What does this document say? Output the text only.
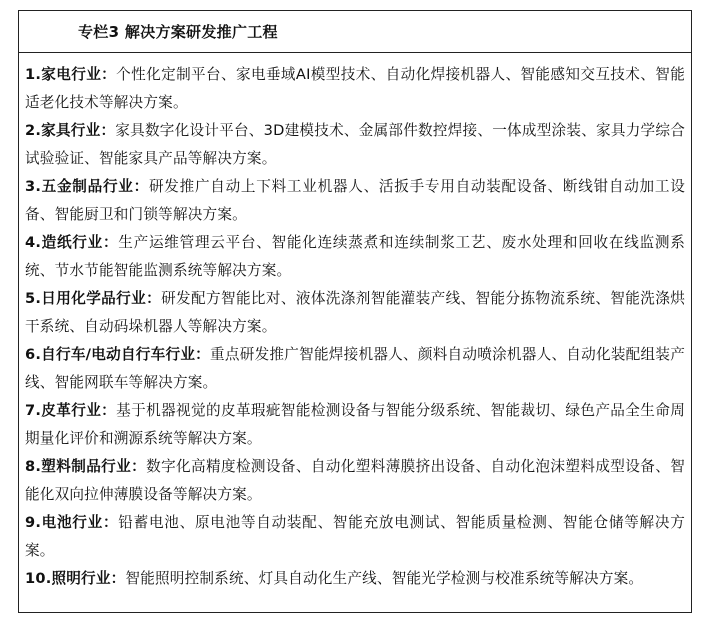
专栏3 解决方案研发推广工程

1.家电行业：个性化定制平台、家电垂域AI模型技术、自动化焊接机器人、智能感知交互技术、智能适老化技术等解决方案。

2.家具行业：家具数字化设计平台、3D建模技术、金属部件数控焊接、一体成型涂装、家具力学综合试验验证、智能家具产品等解决方案。

3.五金制品行业：研发推广自动上下料工业机器人、活扳手专用自动装配设备、断线钳自动加工设备、智能厨卫和门锁等解决方案。

4.造纸行业：生产运维管理云平台、智能化连续蒸煮和连续制浆工艺、废水处理和回收在线监测系统、节水节能智能监测系统等解决方案。

5.日用化学品行业：研发配方智能比对、液体洗涤剂智能灌装产线、智能分拣物流系统、智能洗涤烘干系统、自动码垛机器人等解决方案。

6.自行车/电动自行车行业：重点研发推广智能焊接机器人、颜料自动喷涂机器人、自动化装配组装产线、智能网联车等解决方案。

7.皮革行业：基于机器视觉的皮革瑕疵智能检测设备与智能分级系统、智能裁切、绿色产品全生命周期量化评价和溯源系统等解决方案。

8.塑料制品行业：数字化高精度检测设备、自动化塑料薄膜挤出设备、自动化泡沫塑料成型设备、智能化双向拉伸薄膜设备等解决方案。

9.电池行业：铅蓄电池、原电池等自动装配、智能充放电测试、智能质量检测、智能仓储等解决方案。

10.照明行业：智能照明控制系统、灯具自动化生产线、智能光学检测与校准系统等解决方案。
